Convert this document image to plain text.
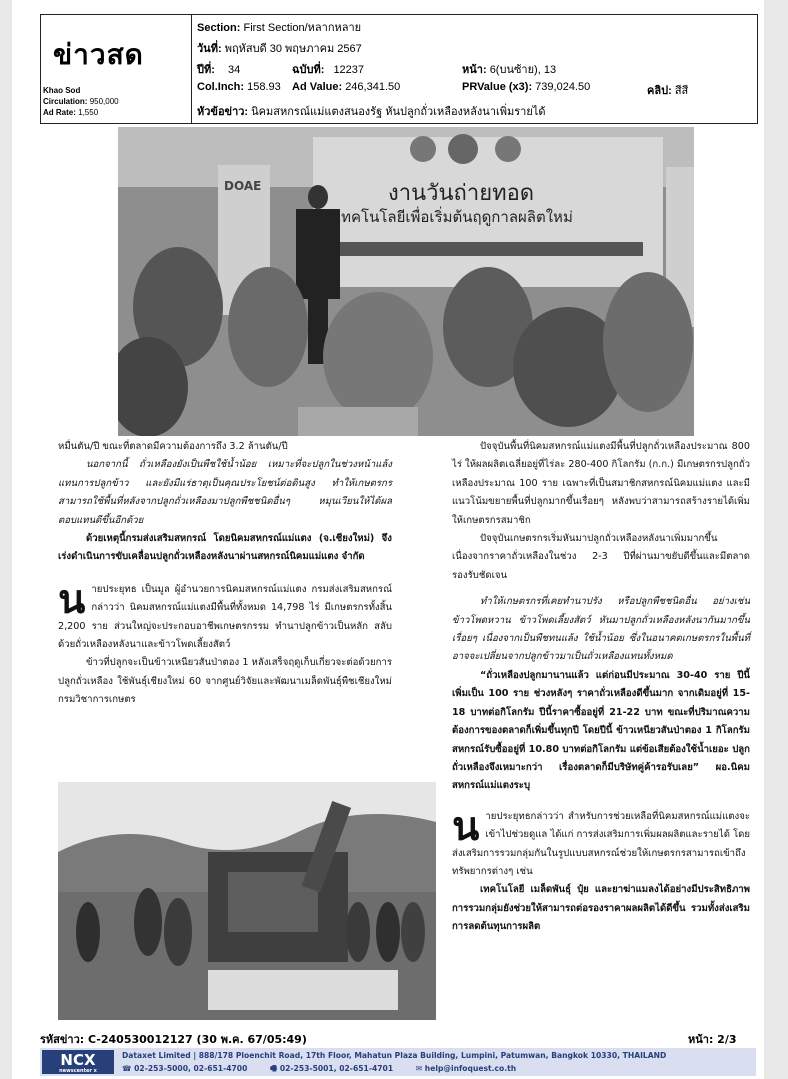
ข่าวสด
Khao Sod
Circulation: 950,000
Ad Rate: 1,550
Section: First Section/หลากหลาย
วันที่: พฤหัสบดี 30 พฤษภาคม 2567
ปีที่: 34	ฉบับที่: 12237	หน้า: 6(บนซ้าย), 13
Col.Inch: 158.93 Ad Value: 246,341.50	PRValue (x3): 739,024.50	คลิป: สีสี
หัวข้อข่าว: นิคมสหกรณ์แม่แตงสนองรัฐ หันปลูกถั่วเหลืองหลังนาเพิ่มรายได้
งานวันถ่ายทอด
เทคโนโลยีเพื่อเริ่มต้นฤดูกาลผลิตใหม่
DOAE

หมื่นตัน/ปี ขณะที่ตลาดมีความต้องการถึง 3.2 ล้านตัน/ปี

นอกจากนี้ ถั่วเหลืองยังเป็นพืชใช้น้ำน้อย เหมาะที่จะปลูกในช่วงหน้าแล้งแทนการปลูกข้าว และยังมีแร่ธาตุเป็นคุณประโยชน์ต่อดินสูง ทำให้เกษตรกรสามารถใช้พื้นที่หลังจากปลูกถั่วเหลืองมาปลูกพืชชนิดอื่นๆ หมุนเวียนให้ได้ผลตอบแทนดีขึ้นอีกด้วย

ด้วยเหตุนี้กรมส่งเสริมสหกรณ์ โดยนิคมสหกรณ์แม่แตง (จ.เชียงใหม่) จึงเร่งดำเนินการขับเคลื่อนปลูกถั่วเหลืองหลังนาผ่านสหกรณ์นิคมแม่แตง จำกัด

นายประยุทธ เป็นมูล ผู้อำนวยการนิคมสหกรณ์แม่แตง กรมส่งเสริมสหกรณ์ กล่าวว่า นิคมสหกรณ์แม่แตงมีพื้นที่ทั้งหมด 14,798 ไร่ มีเกษตรกรทั้งสิ้น 2,200 ราย ส่วนใหญ่จะประกอบอาชีพเกษตรกรรม ทำนาปลูกข้าวเป็นหลัก สลับด้วยถั่วเหลืองหลังนาและข้าวโพดเลี้ยงสัตว์

ข้าวที่ปลูกจะเป็นข้าวเหนียวสันป่าตอง 1 หลังเสร็จฤดูเก็บเกี่ยวจะต่อด้วยการปลูกถั่วเหลือง ใช้พันธุ์เชียงใหม่ 60 จากศูนย์วิจัยและพัฒนาเมล็ดพันธุ์พืชเชียงใหม่ กรมวิชาการเกษตร

ปัจจุบันพื้นที่นิคมสหกรณ์แม่แตงมีพื้นที่ปลูกถั่วเหลืองประมาณ 800 ไร่ ให้ผลผลิตเฉลี่ยอยู่ที่ไร่ละ 280-400 กิโลกรัม (ก.ก.) มีเกษตรกรปลูกถั่วเหลืองประมาณ 100 ราย เฉพาะที่เป็นสมาชิกสหกรณ์นิคมแม่แตง และมีแนวโน้มขยายพื้นที่ปลูกมากขึ้นเรื่อยๆ หลังพบว่าสามารถสร้างรายได้เพิ่มให้เกษตรกรสมาชิก

ปัจจุบันเกษตรกรเริ่มหันมาปลูกถั่วเหลืองหลังนาเพิ่มมากขึ้นเนื่องจากราคาถั่วเหลืองในช่วง 2-3 ปีที่ผ่านมาขยับดีขึ้นและมีตลาดรองรับชัดเจน

ทำให้เกษตรกรที่เคยทำนาปรัง หรือปลูกพืชชนิดอื่น อย่างเช่น ข้าวโพดหวาน ข้าวโพดเลี้ยงสัตว์ หันมาปลูกถั่วเหลืองหลังนากันมากขึ้นเรื่อยๆ เนื่องจากเป็นพืชทนแล้ง ใช้น้ำน้อย ซึ่งในอนาคตเกษตรกรในพื้นที่อาจจะเปลี่ยนจากปลูกข้าวมาเป็นถั่วเหลืองแทนทั้งหมด

“ถั่วเหลืองปลูกมานานแล้ว แต่ก่อนมีประมาณ 30-40 ราย ปีนี้เพิ่มเป็น 100 ราย ช่วงหลังๆ ราคาถั่วเหลืองดีขึ้นมาก จากเดิมอยู่ที่ 15-18 บาทต่อกิโลกรัม ปีนี้ราคาซื้ออยู่ที่ 21-22 บาท ขณะที่ปริมาณความต้องการของตลาดก็เพิ่มขึ้นทุกปี โดยปีนี้ ข้าวเหนียวสันป่าตอง 1 กิโลกรัม สหกรณ์รับซื้ออยู่ที่ 10.80 บาทต่อกิโลกรัม แต่ข้อเสียต้องใช้น้ำเยอะ ปลูกถั่วเหลืองจึงเหมาะกว่า เรื่องตลาดก็มีบริษัทคู่ค้ารอรับเลย” ผอ.นิคมสหกรณ์แม่แตงระบุ

นายประยุทธกล่าวว่า สำหรับการช่วยเหลือที่นิคมสหกรณ์แม่แตงจะเข้าไปช่วยดูแล ได้แก่ การส่งเสริมการเพิ่มผลผลิตและรายได้ โดยส่งเสริมการรวมกลุ่มกันในรูปแบบสหกรณ์ช่วยให้เกษตรกรสามารถเข้าถึงทรัพยากรต่างๆ เช่น

เทคโนโลยี เมล็ดพันธุ์ ปุ๋ย และยาฆ่าแมลงได้อย่างมีประสิทธิภาพ การรวมกลุ่มยังช่วยให้สามารถต่อรองราคาผลผลิตได้ดีขึ้น รวมทั้งส่งเสริมการลดต้นทุนการผลิต

รหัสข่าว: C-240530012127 (30 พ.ค. 67/05:49)	หน้า: 2/3
NCX
newscenter x
Dataxet Limited | 888/178 Ploenchit Road, 17th Floor, Mahatun Plaza Building, Lumpini, Patumwan, Bangkok 10330, THAILAND
☎ 02-253-5000, 02-651-4700	🖷 02-253-5001, 02-651-4701	✉ help@infoquest.co.th
